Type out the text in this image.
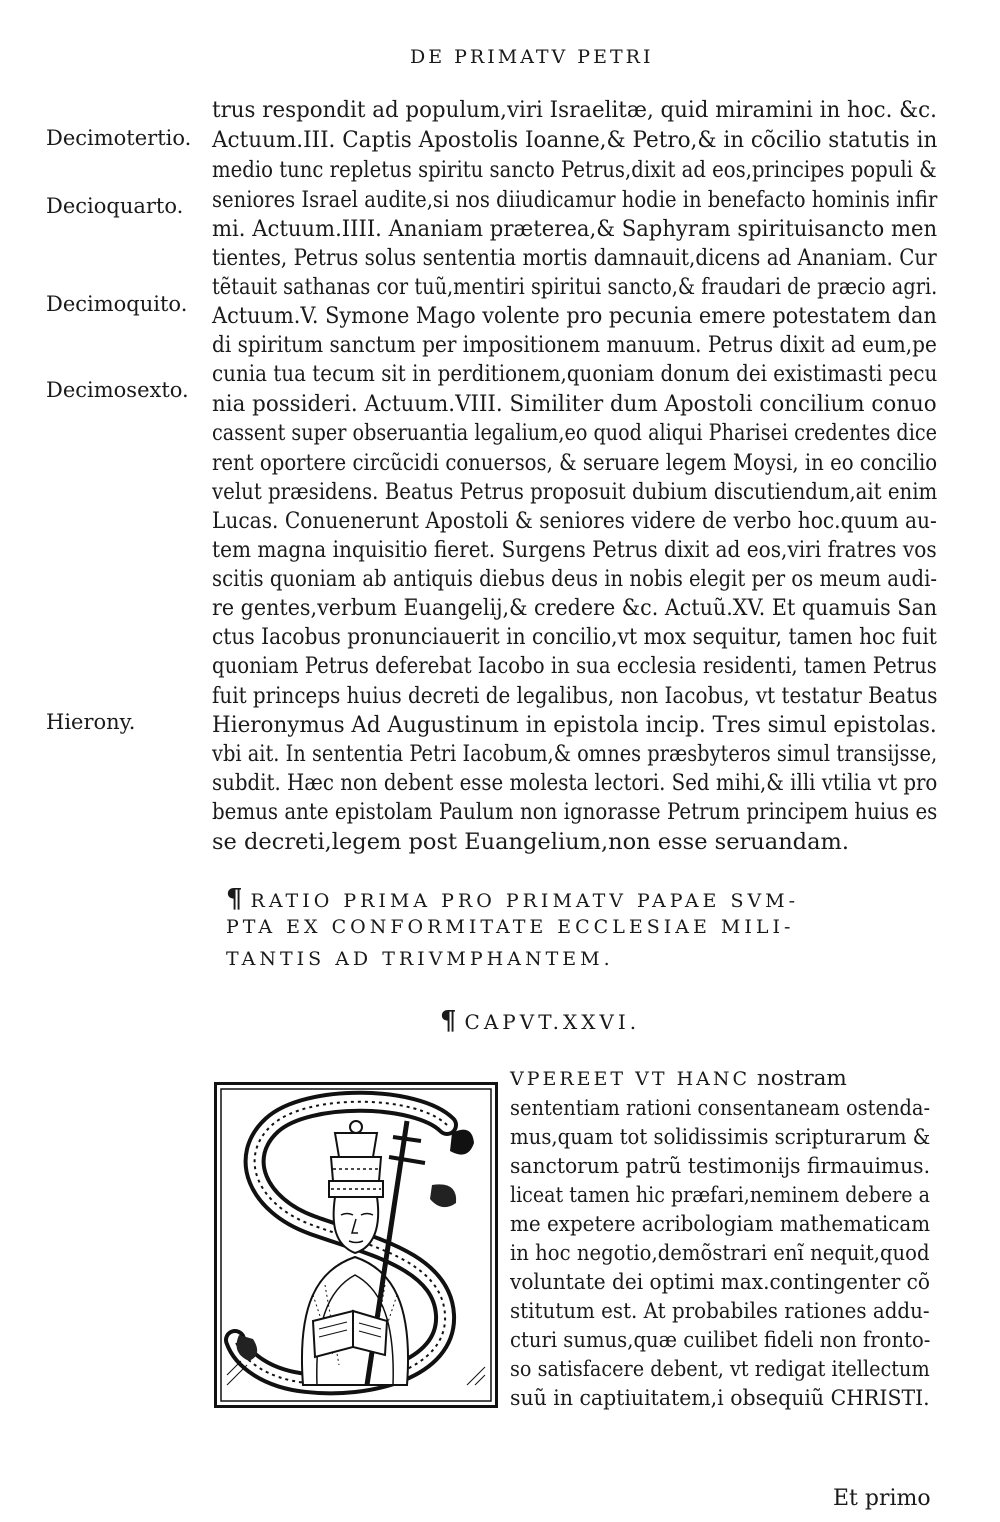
DE PRIMATV PETRI
Decimotertio.
Decioquarto.
Decimoquito.
Decimosexto.
Hierony.
trus respondit ad populum,viri Israelitæ, quid miramini in hoc. &c.
Actuum.III. Captis Apostolis Ioanne,& Petro,& in cõcilio statutis in
medio tunc repletus spiritu sancto Petrus,dixit ad eos,principes populi &
seniores Israel audite,si nos diiudicamur hodie in benefacto hominis infir
mi. Actuum.IIII. Ananiam præterea,& Saphyram spirituisancto men
tientes, Petrus solus sententia mortis damnauit,dicens ad Ananiam. Cur
tẽtauit sathanas cor tuũ,mentiri spiritui sancto,& fraudari de præcio agri.
Actuum.V. Symone Mago volente pro pecunia emere potestatem dan
di spiritum sanctum per impositionem manuum. Petrus dixit ad eum,pe
cunia tua tecum sit in perditionem,quoniam donum dei existimasti pecu
nia possideri. Actuum.VIII. Similiter dum Apostoli concilium conuo
cassent super obseruantia legalium,eo quod aliqui Pharisei credentes dice
rent oportere circũcidi conuersos, & seruare legem Moysi, in eo concilio
velut præsidens. Beatus Petrus proposuit dubium discutiendum,ait enim
Lucas. Conuenerunt Apostoli & seniores videre de verbo hoc.quum au-
tem magna inquisitio fieret. Surgens Petrus dixit ad eos,viri fratres vos
scitis quoniam ab antiquis diebus deus in nobis elegit per os meum audi-
re gentes,verbum Euangelij,& credere &c. Actuũ.XV. Et quamuis San
ctus Iacobus pronunciauerit in concilio,vt mox sequitur, tamen hoc fuit
quoniam Petrus deferebat Iacobo in sua ecclesia residenti, tamen Petrus
fuit princeps huius decreti de legalibus, non Iacobus, vt testatur Beatus
Hieronymus Ad Augustinum in epistola incip. Tres simul epistolas.
vbi ait. In sententia Petri Iacobum,& omnes præsbyteros simul transijsse,
subdit. Hæc non debent esse molesta lectori. Sed mihi,& illi vtilia vt pro
bemus ante epistolam Paulum non ignorasse Petrum principem huius es
se decreti,legem post Euangelium,non esse seruandam.
¶ RATIO PRIMA PRO PRIMATV PAPAE SVM-
PTA EX CONFORMITATE ECCLESIAE MILI-
TANTIS AD TRIVMPHANTEM.
¶ CAPVT.XXVI.
VPEREET VT HANC nostram
sententiam rationi consentaneam ostenda-
mus,quam tot solidissimis scripturarum &
sanctorum patrũ testimonijs firmauimus.
liceat tamen hic præfari,neminem debere a
me expetere acribologiam mathematicam
in hoc negotio,demõstrari enĩ nequit,quod
voluntate dei optimi max.contingenter cõ
stitutum est. At probabiles rationes addu-
cturi sumus,quæ cuilibet fideli non fronto-
so satisfacere debent, vt redigat itellectum
suũ in captiuitatem,i obsequiũ CHRISTI.
Et primo
